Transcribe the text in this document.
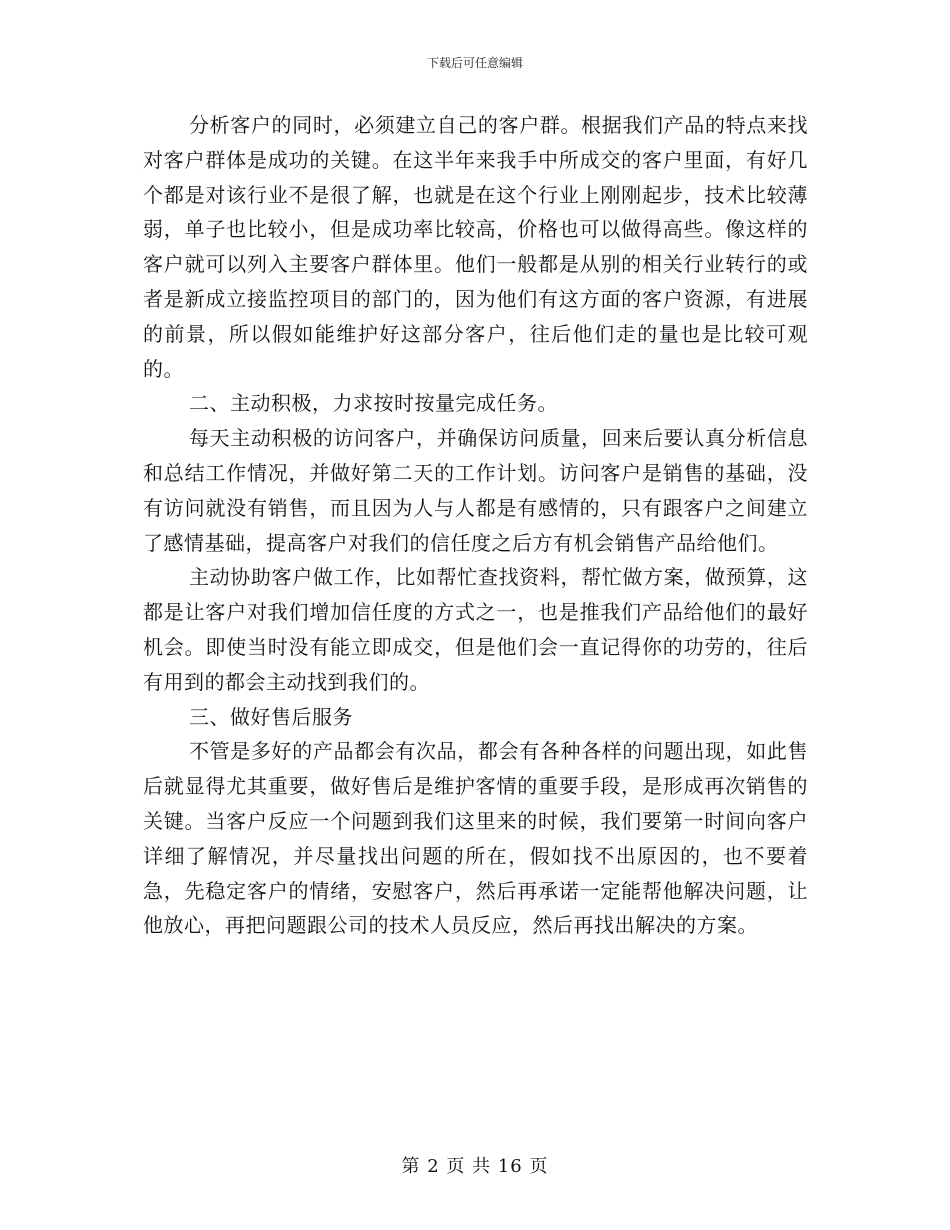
下载后可任意编辑

分析客户的同时，必须建立自己的客户群。根据我们产品的特点来找对客户群体是成功的关键。在这半年来我手中所成交的客户里面，有好几个都是对该行业不是很了解，也就是在这个行业上刚刚起步，技术比较薄弱，单子也比较小，但是成功率比较高，价格也可以做得高些。像这样的客户就可以列入主要客户群体里。他们一般都是从别的相关行业转行的或者是新成立接监控项目的部门的，因为他们有这方面的客户资源，有进展的前景，所以假如能维护好这部分客户，往后他们走的量也是比较可观的。

二、主动积极，力求按时按量完成任务。

每天主动积极的访问客户，并确保访问质量，回来后要认真分析信息和总结工作情况，并做好第二天的工作计划。访问客户是销售的基础，没有访问就没有销售，而且因为人与人都是有感情的，只有跟客户之间建立了感情基础，提高客户对我们的信任度之后方有机会销售产品给他们。

主动协助客户做工作，比如帮忙查找资料，帮忙做方案，做预算，这都是让客户对我们增加信任度的方式之一，也是推我们产品给他们的最好机会。即使当时没有能立即成交，但是他们会一直记得你的功劳的，往后有用到的都会主动找到我们的。

三、做好售后服务

不管是多好的产品都会有次品，都会有各种各样的问题出现，如此售后就显得尤其重要，做好售后是维护客情的重要手段，是形成再次销售的关键。当客户反应一个问题到我们这里来的时候，我们要第一时间向客户详细了解情况，并尽量找出问题的所在，假如找不出原因的，也不要着急，先稳定客户的情绪，安慰客户，然后再承诺一定能帮他解决问题，让他放心，再把问题跟公司的技术人员反应，然后再找出解决的方案。

第 2 页 共 16 页
